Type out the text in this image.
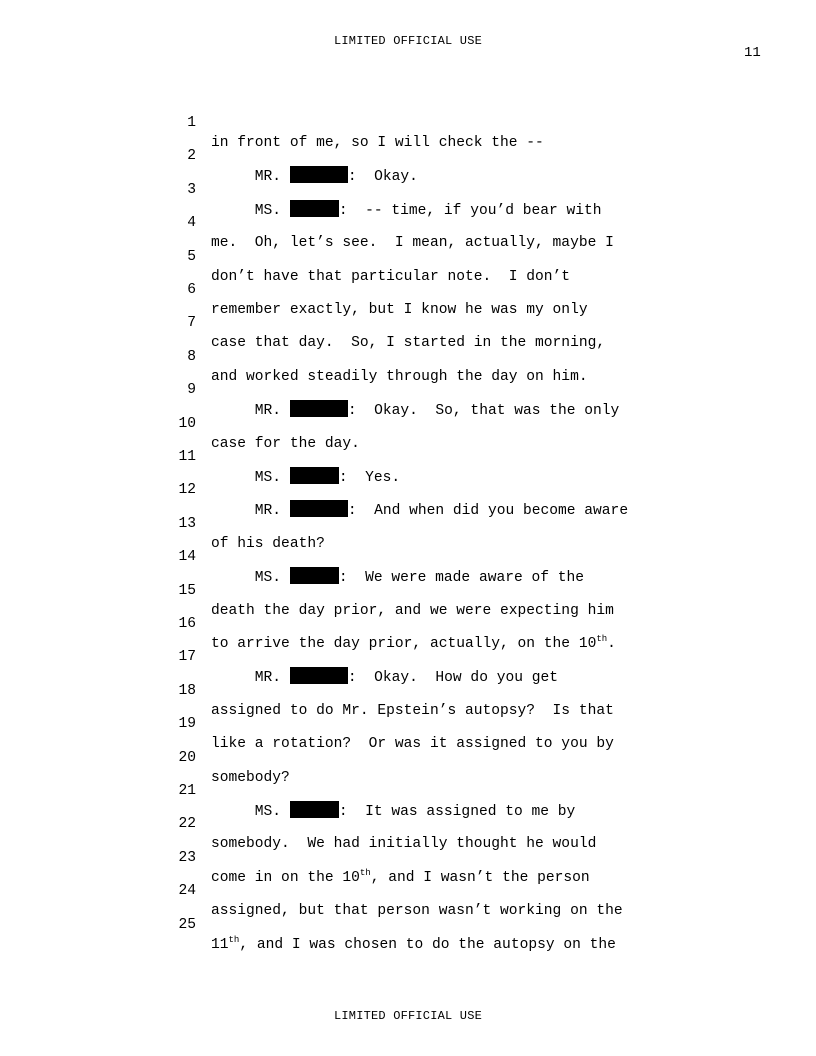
LIMITED OFFICIAL USE
11

1

in front of me, so I will check the --

2

MR.	:  Okay.

3

MS.	:  -- time, if you’d bear with

4

me.  Oh, let’s see.  I mean, actually, maybe I

5

don’t have that particular note.  I don’t

6

remember exactly, but I know he was my only

7

case that day.  So, I started in the morning,

8

and worked steadily through the day on him.

9

MR.	:  Okay.  So, that was the only

10

case for the day.

11

MS.	:  Yes.

12

MR.	:  And when did you become aware

13

of his death?

14

MS.	:  We were made aware of the

15

death the day prior, and we were expecting him

16

to arrive the day prior, actually, on the 10th.

17

MR.	:  Okay.  How do you get

18

assigned to do Mr. Epstein’s autopsy?  Is that

19

like a rotation?  Or was it assigned to you by

20

somebody?

21

MS.	:  It was assigned to me by

22

somebody.  We had initially thought he would

23

come in on the 10th, and I wasn’t the person

24

assigned, but that person wasn’t working on the

25

11th, and I was chosen to do the autopsy on the

LIMITED OFFICIAL USE
